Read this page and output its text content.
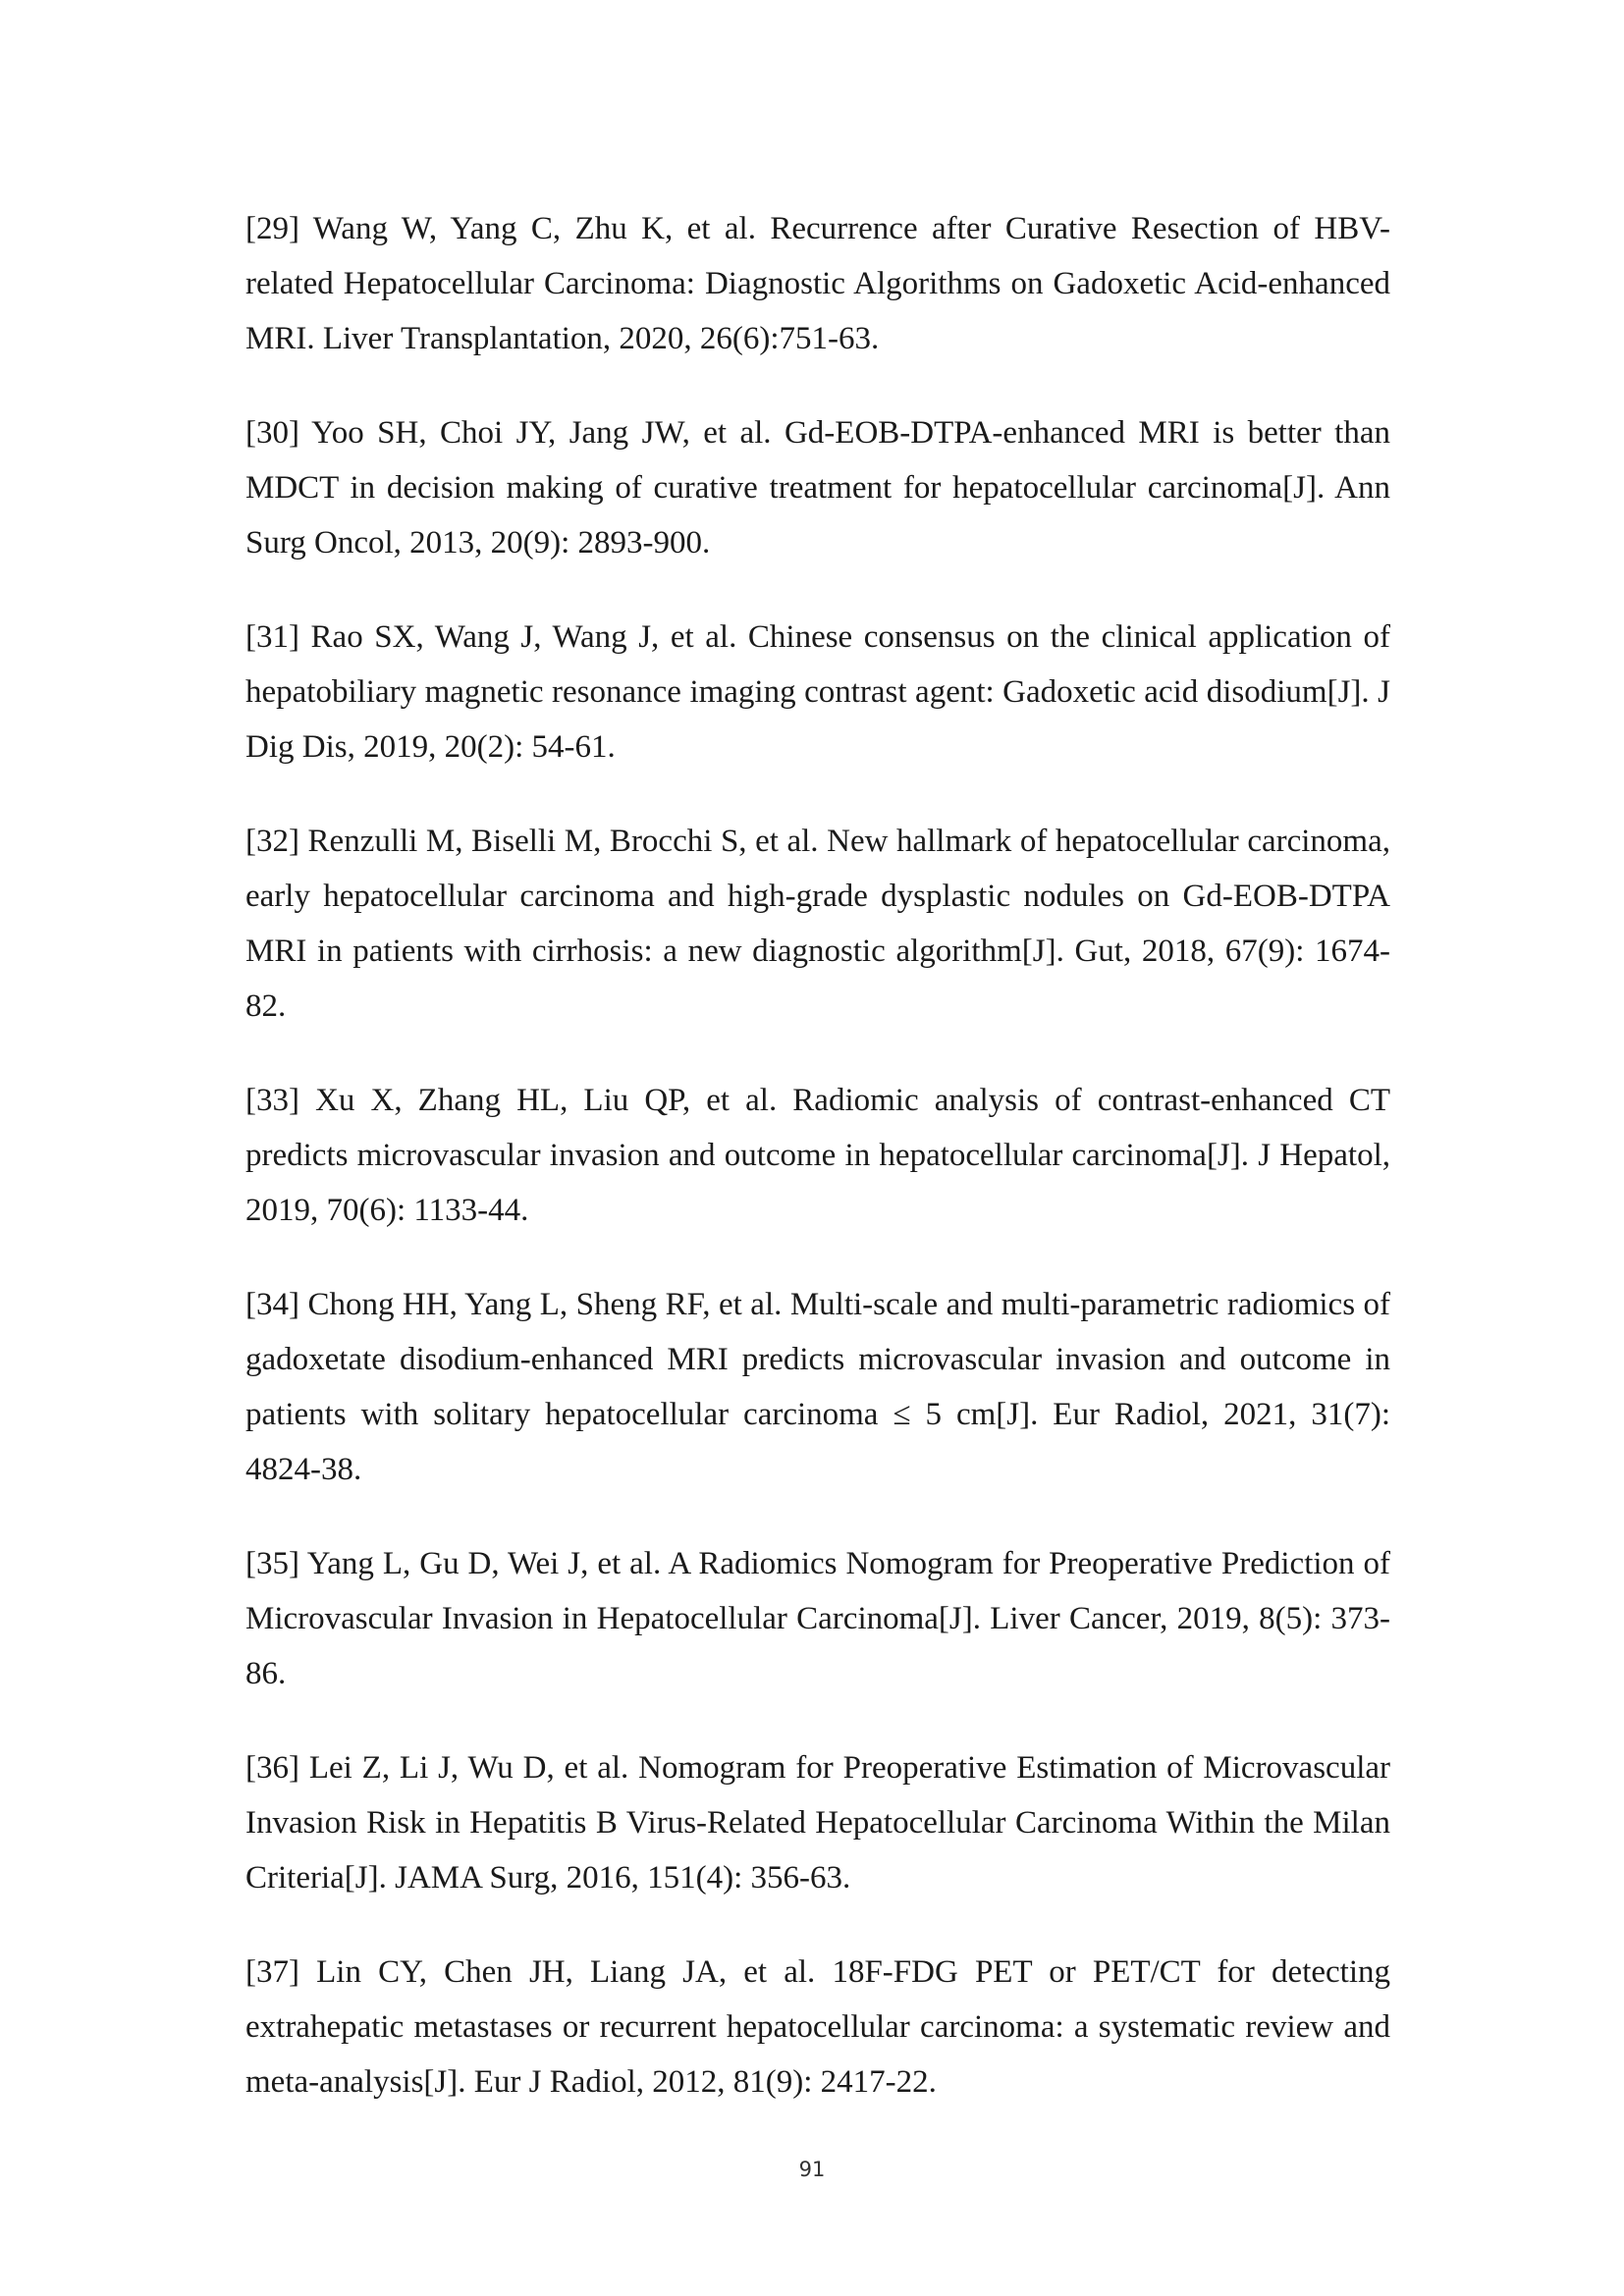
[29] Wang W, Yang C, Zhu K, et al. Recurrence after Curative Resection of HBV-related Hepatocellular Carcinoma: Diagnostic Algorithms on Gadoxetic Acid-enhanced MRI. Liver Transplantation, 2020, 26(6):751-63.

[30] Yoo SH, Choi JY, Jang JW, et al. Gd-EOB-DTPA-enhanced MRI is better than MDCT in decision making of curative treatment for hepatocellular carcinoma[J]. Ann Surg Oncol, 2013, 20(9): 2893-900.

[31] Rao SX, Wang J, Wang J, et al. Chinese consensus on the clinical application of hepatobiliary magnetic resonance imaging contrast agent: Gadoxetic acid disodium[J]. J Dig Dis, 2019, 20(2): 54-61.

[32] Renzulli M, Biselli M, Brocchi S, et al. New hallmark of hepatocellular carcinoma, early hepatocellular carcinoma and high-grade dysplastic nodules on Gd-EOB-DTPA MRI in patients with cirrhosis: a new diagnostic algorithm[J]. Gut, 2018, 67(9): 1674-82.

[33] Xu X, Zhang HL, Liu QP, et al. Radiomic analysis of contrast-enhanced CT predicts microvascular invasion and outcome in hepatocellular carcinoma[J]. J Hepatol, 2019, 70(6): 1133-44.

[34] Chong HH, Yang L, Sheng RF, et al. Multi-scale and multi-parametric radiomics of gadoxetate disodium-enhanced MRI predicts microvascular invasion and outcome in patients with solitary hepatocellular carcinoma ≤ 5 cm[J]. Eur Radiol, 2021, 31(7): 4824-38.

[35] Yang L, Gu D, Wei J, et al. A Radiomics Nomogram for Preoperative Prediction of Microvascular Invasion in Hepatocellular Carcinoma[J]. Liver Cancer, 2019, 8(5): 373-86.

[36] Lei Z, Li J, Wu D, et al. Nomogram for Preoperative Estimation of Microvascular Invasion Risk in Hepatitis B Virus-Related Hepatocellular Carcinoma Within the Milan Criteria[J]. JAMA Surg, 2016, 151(4): 356-63.

[37] Lin CY, Chen JH, Liang JA, et al. 18F-FDG PET or PET/CT for detecting extrahepatic metastases or recurrent hepatocellular carcinoma: a systematic review and meta-analysis[J]. Eur J Radiol, 2012, 81(9): 2417-22.

91
